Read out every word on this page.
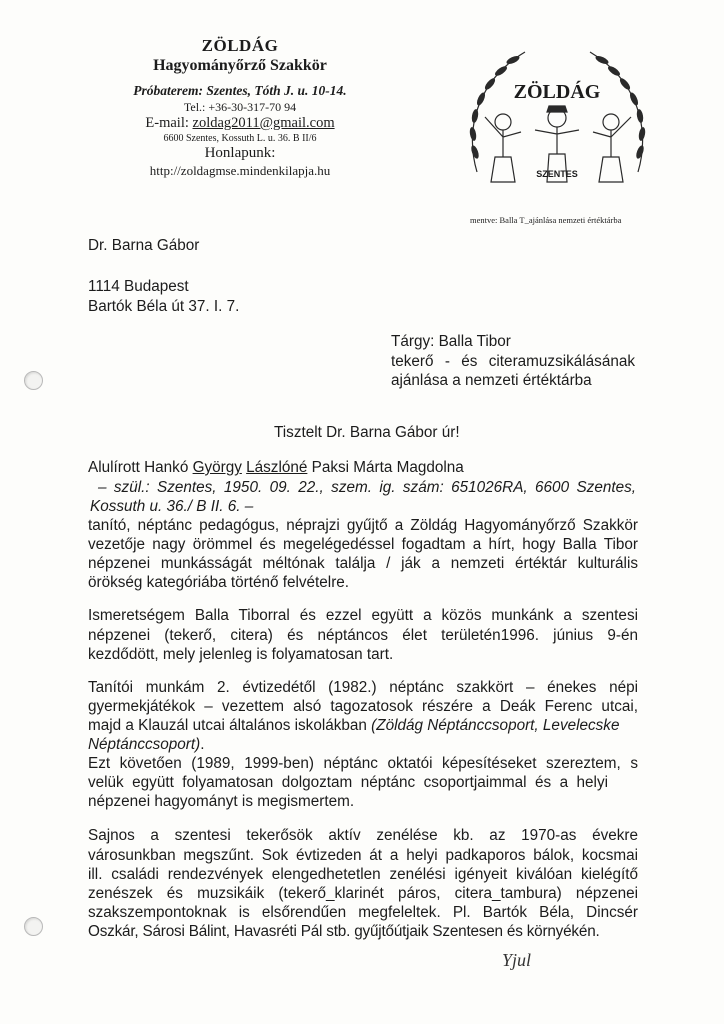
ZÖLDÁG
Hagyományőrző Szakkör
Próbaterem: Szentes, Tóth J. u. 10-14.
Tel.: +36-30-317-70 94
E-mail: zoldag2011@gmail.com
6600 Szentes, Kossuth L. u. 36. B II/6
Honlapunk:
http://zoldagmse.mindenkilapja.hu
ZÖLDÁG
SZENTES
mentve: Balla T_ajánlása nemzeti értéktárba
Dr. Barna Gábor
1114 Budapest
Bartók Béla út 37. I. 7.
Tárgy: Balla Tibor
tekerő - és citeramuzsikálásának
ajánlása a nemzeti értéktárba
Tisztelt Dr. Barna Gábor úr!
Alulírott Hankó György Lászlóné Paksi Márta Magdolna
– szül.: Szentes, 1950. 09. 22., szem. ig. szám: 651026RA, 6600 Szentes,
Kossuth u. 36./ B II. 6. –
tanító, néptánc pedagógus, néprajzi gyűjtő a Zöldág Hagyományőrző Szakkör
vezetője nagy örömmel és megelégedéssel fogadtam a hírt, hogy Balla Tibor
népzenei munkásságát méltónak találja / ják a nemzeti értéktár kulturális
örökség kategóriába történő felvételre.
Ismeretségem Balla Tiborral és ezzel együtt a közös munkánk a szentesi
népzenei (tekerő, citera) és néptáncos élet területén1996. június 9-én
kezdődött, mely jelenleg is folyamatosan tart.
Tanítói munkám 2. évtizedétől (1982.) néptánc szakkört – énekes népi
gyermekjátékok – vezettem alsó tagozatosok részére a Deák Ferenc utcai,
majd a Klauzál utcai általános iskolákban (Zöldág Néptánccsoport, Levelecske
Néptánccsoport).
Ezt követően (1989, 1999-ben) néptánc oktatói képesítéseket szereztem, s
velük együtt folyamatosan dolgoztam néptánc csoportjaimmal és a helyi
népzenei hagyományt is megismertem.
Sajnos a szentesi tekerősök aktív zenélése kb. az 1970-as évekre
városunkban megszűnt. Sok évtizeden át a helyi padkaporos bálok, kocsmai
ill. családi rendezvények elengedhetetlen zenélési igényeit kiválóan kielégítő
zenészek és muzsikáik (tekerő_klarinét páros, citera_tambura) népzenei
szakszempontoknak is elsőrendűen megfeleltek. Pl. Bartók Béla, Dincsér
Oszkár, Sárosi Bálint, Havasréti Pál stb. gyűjtőútjaik Szentesen és környékén.
Yjul
